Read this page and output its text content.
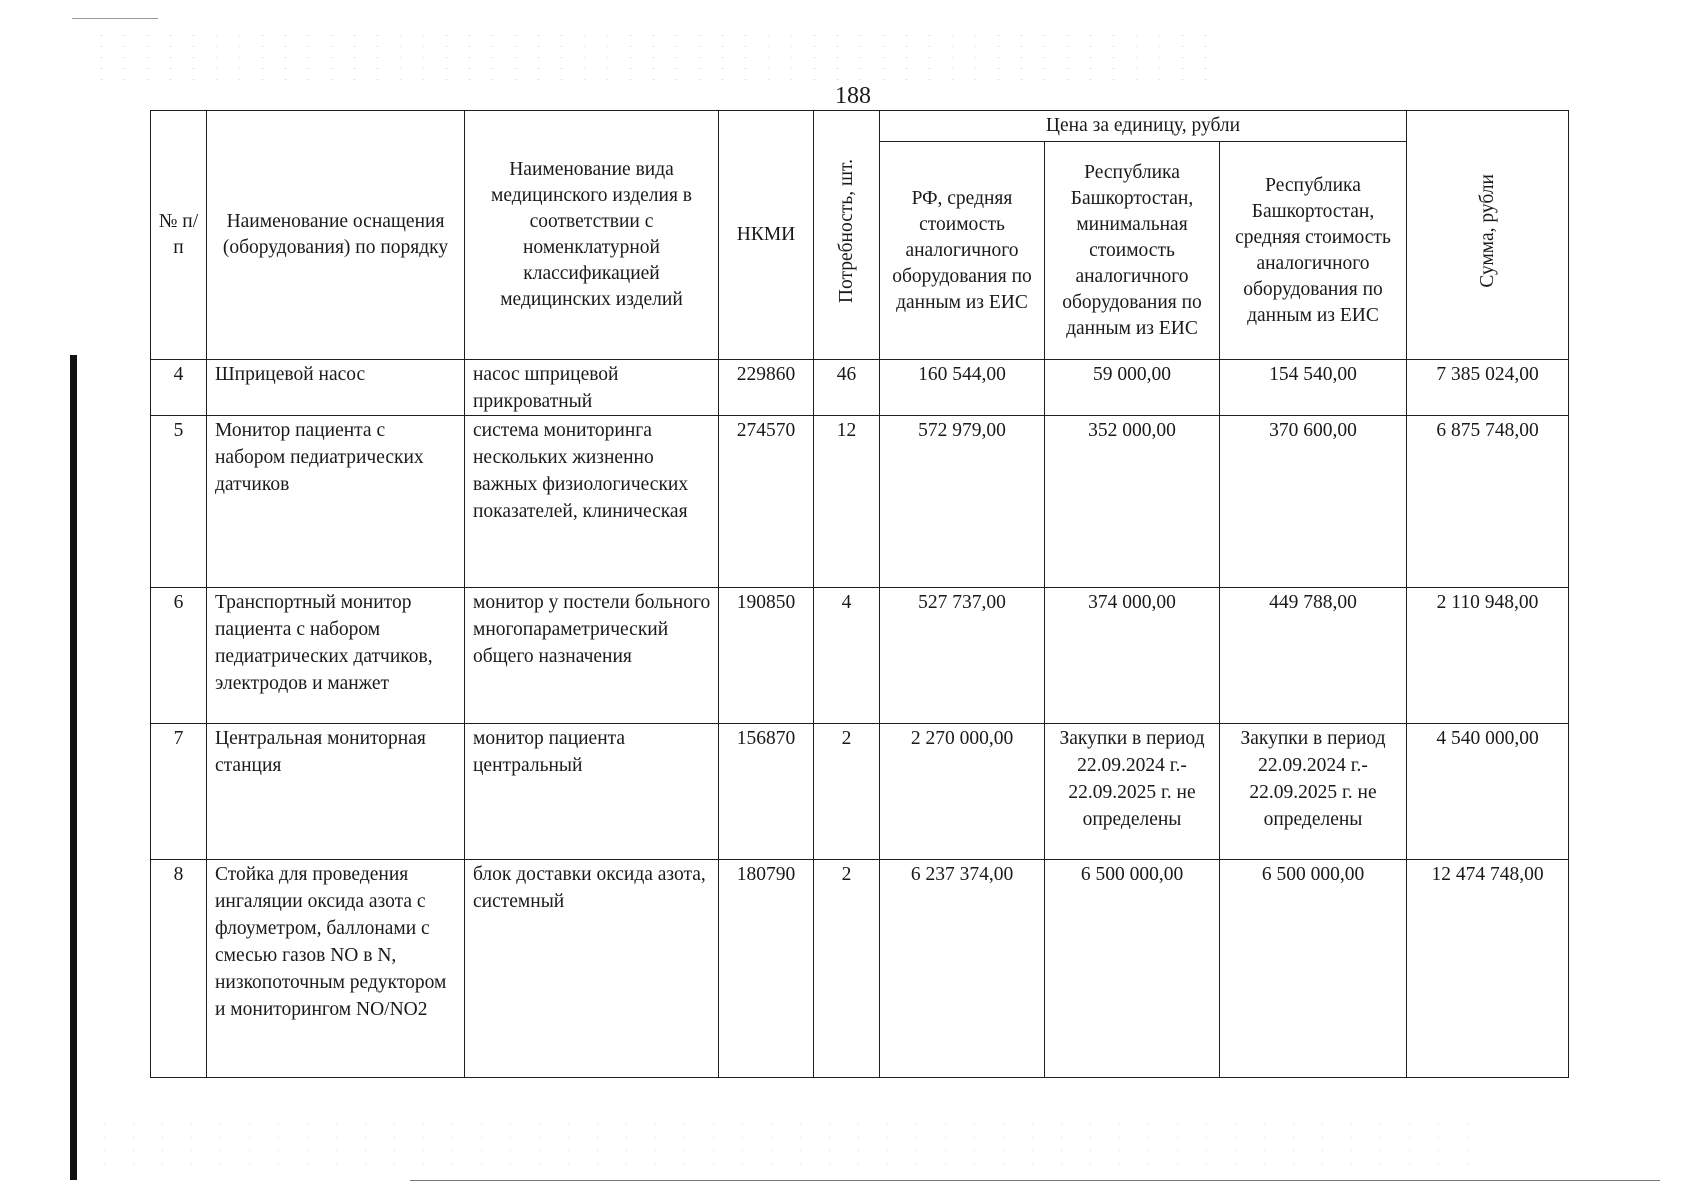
188
№ п/п	Наименование оснащения (оборудования) по порядку	Наименование вида медицинского изделия в соответствии с номенклатурной классификацией медицинских изделий	НКМИ	Потребность, шт.	Цена за единицу, рубли			Сумма, рубли
					РФ, средняя стоимость аналогичного оборудования по данным из ЕИС	Республика Башкортостан, минимальная стоимость аналогичного оборудования по данным из ЕИС	Республика Башкортостан, средняя стоимость аналогичного оборудования по данным из ЕИС	
4	Шприцевой насос	насос шприцевой прикроватный	229860	46	160 544,00	59 000,00	154 540,00	7 385 024,00
5	Монитор пациента с набором педиатрических датчиков	система мониторинга нескольких жизненно важных физиологических показателей, клиническая	274570	12	572 979,00	352 000,00	370 600,00	6 875 748,00
6	Транспортный монитор пациента с набором педиатрических датчиков, электродов и манжет	монитор у постели больного многопараметрический общего назначения	190850	4	527 737,00	374 000,00	449 788,00	2 110 948,00
7	Центральная мониторная станция	монитор пациента центральный	156870	2	2 270 000,00	Закупки в период 22.09.2024 г.- 22.09.2025 г. не определены	Закупки в период 22.09.2024 г.- 22.09.2025 г. не определены	4 540 000,00
8	Стойка для проведения ингаляции оксида азота с флоуметром, баллонами с смесью газов NO в N, низкопоточным редуктором и мониторингом NO/NO2	блок доставки оксида азота, системный	180790	2	6 237 374,00	6 500 000,00	6 500 000,00	12 474 748,00
